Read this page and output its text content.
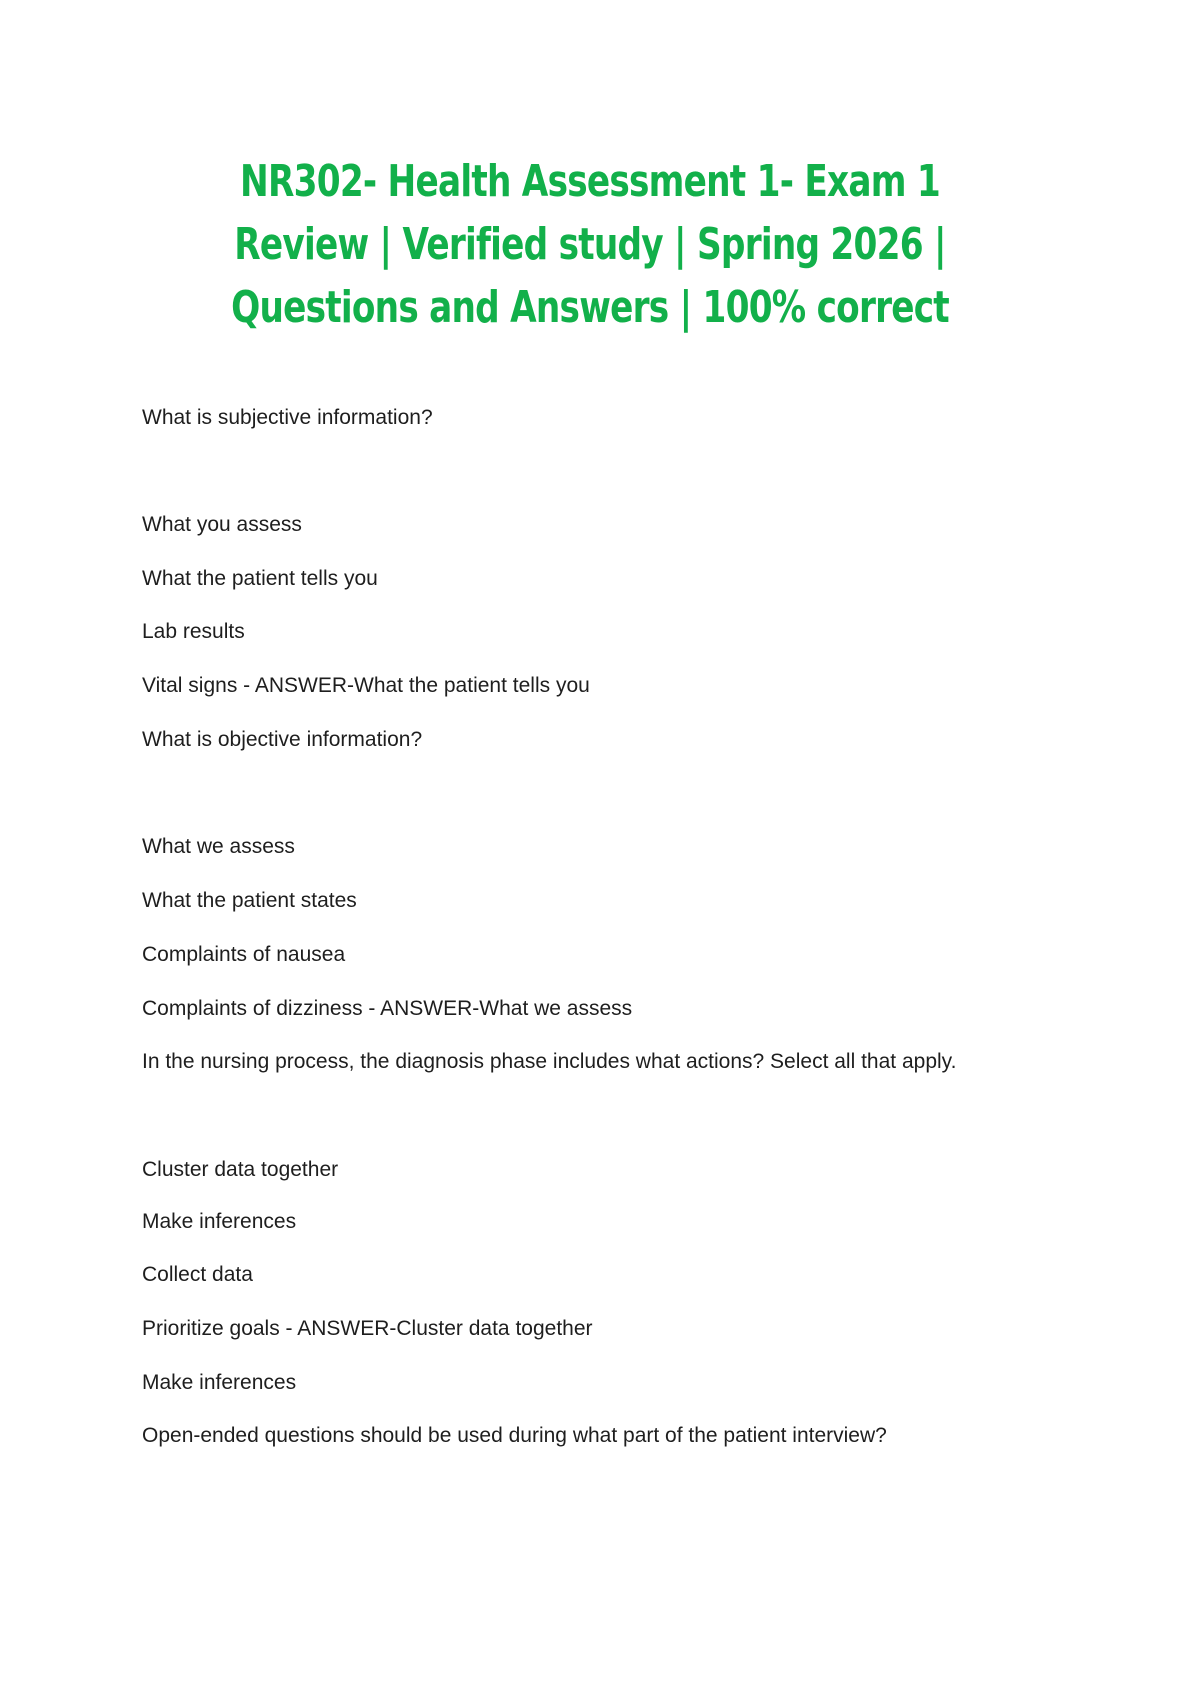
NR302- Health Assessment 1- Exam 1 Review | Verified study | Spring 2026 | Questions and Answers | 100% correct
What is subjective information?
What you assess
What the patient tells you
Lab results
Vital signs - ANSWER-What the patient tells you
What is objective information?
What we assess
What the patient states
Complaints of nausea
Complaints of dizziness - ANSWER-What we assess
In the nursing process, the diagnosis phase includes what actions? Select all that apply.
Cluster data together
Make inferences
Collect data
Prioritize goals - ANSWER-Cluster data together
Make inferences
Open-ended questions should be used during what part of the patient interview?
